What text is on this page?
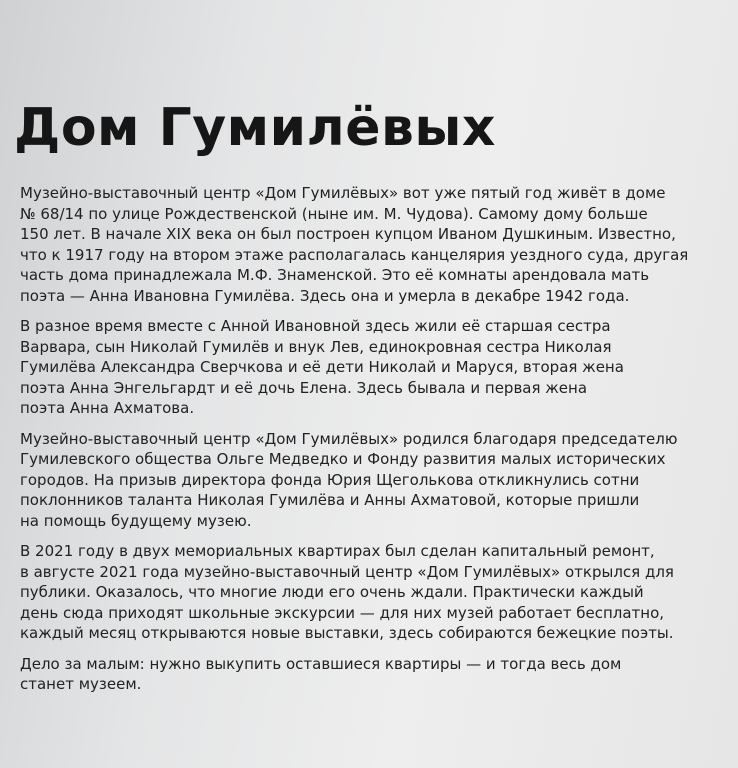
Дом Гумилёвых

Музейно-выставочный центр «Дом Гумилёвых» вот уже пятый год живёт в доме
№ 68/14 по улице Рождественской (ныне им. М. Чудова). Самому дому больше
150 лет. В начале XIX века он был построен купцом Иваном Душкиным. Известно,
что к 1917 году на втором этаже располагалась канцелярия уездного суда, другая
часть дома принадлежала М.Ф. Знаменской. Это её комнаты арендовала мать
поэта — Анна Ивановна Гумилёва. Здесь она и умерла в декабре 1942 года.

В разное время вместе с Анной Ивановной здесь жили её старшая сестра
Варвара, сын Николай Гумилёв и внук Лев, единокровная сестра Николая
Гумилёва Александра Сверчкова и её дети Николай и Маруся, вторая жена
поэта Анна Энгельгардт и её дочь Елена. Здесь бывала и первая жена
поэта Анна Ахматова.

Музейно-выставочный центр «Дом Гумилёвых» родился благодаря председателю
Гумилевского общества Ольге Медведко и Фонду развития малых исторических
городов. На призыв директора фонда Юрия Щеголькова откликнулись сотни
поклонников таланта Николая Гумилёва и Анны Ахматовой, которые пришли
на помощь будущему музею.

В 2021 году в двух мемориальных квартирах был сделан капитальный ремонт,
в августе 2021 года музейно-выставочный центр «Дом Гумилёвых» открылся для
публики. Оказалось, что многие люди его очень ждали. Практически каждый
день сюда приходят школьные экскурсии — для них музей работает бесплатно,
каждый месяц открываются новые выставки, здесь собираются бежецкие поэты.

Дело за малым: нужно выкупить оставшиеся квартиры — и тогда весь дом
станет музеем.
